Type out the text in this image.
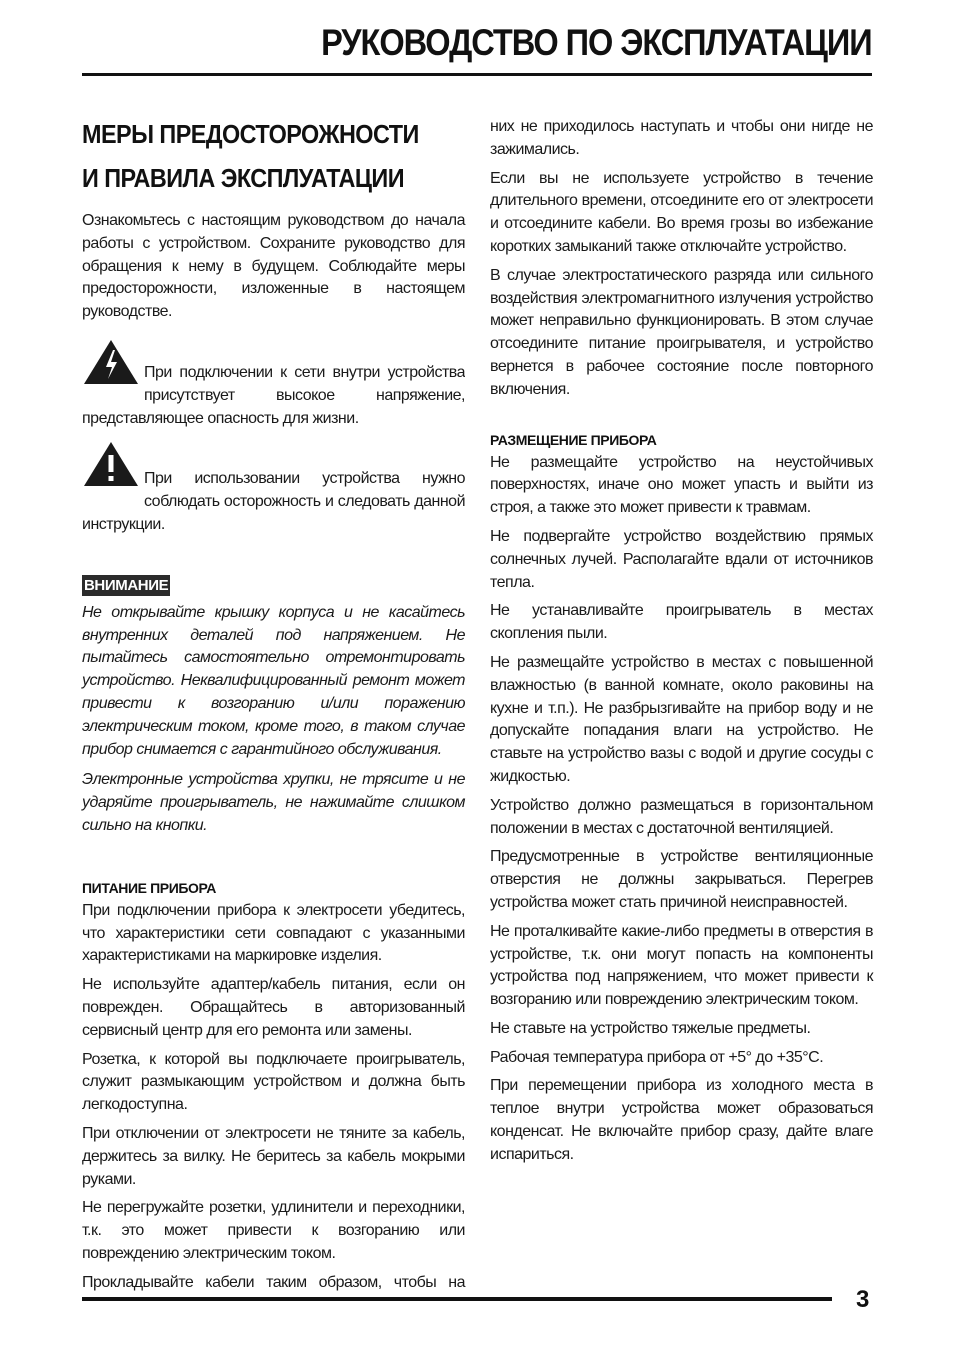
РУКОВОДСТВО ПО ЭКСПЛУАТАЦИИ
МЕРЫ ПРЕДОСТОРОЖНОСТИ
И ПРАВИЛА ЭКСПЛУАТАЦИИ

Ознакомьтесь с настоящим руководством до начала работы с устройством. Сохраните руководство для обращения к нему в будущем. Соблюдайте меры предосторожности, изложенные в настоящем руководстве.

При подключении к сети внутри устройства присутствует высокое напряжение, представляющее опасность для жизни.

При использовании устройства нужно соблюдать осторожность и следовать данной инструкции.

ВНИМАНИЕ

Не открывайте крышку корпуса и не касайтесь внутренних деталей под напряжением. Не пытайтесь самостоятельно отремонтировать устройство. Неквалифицированный ремонт может привести к возгоранию и/или поражению электрическим током, кроме того, в таком случае прибор снимается с гарантийного обслуживания.

Электронные устройства хрупки, не трясите и не ударяйте проигрыватель, не нажимайте слишком сильно на кнопки.

ПИТАНИЕ ПРИБОРА

При подключении прибора к электросети убедитесь, что характеристики сети совпадают с указанными характеристиками на маркировке изделия.

Не используйте адаптер/кабель питания, если он поврежден. Обращайтесь в авторизованный сервисный центр для его ремонта или замены.

Розетка, к которой вы подключаете проигрыватель, служит размыкающим устройством и должна быть легкодоступна.

При отключении от электросети не тяните за кабель, держитесь за вилку. Не беритесь за кабель мокрыми руками.

Не перегружайте розетки, удлинители и переходники, т.к. это может привести к возгоранию или повреждению электрическим током.

Прокладывайте кабели таким образом, чтобы на

них не приходилось наступать и чтобы они нигде не зажимались.

Если вы не используете устройство в течение длительного времени, отсоедините его от электросети и отсоедините кабели. Во время грозы во избежание коротких замыканий также отключайте устройство.

В случае электростатического разряда или сильного воздействия электромагнитного излучения устройство может неправильно функционировать. В этом случае отсоедините питание проигрывателя, и устройство вернется в рабочее состояние после повторного включения.

РАЗМЕЩЕНИЕ ПРИБОРА

Не размещайте устройство на неустойчивых поверхностях, иначе оно может упасть и выйти из строя, а также это может привести к травмам.

Не подвергайте устройство воздействию прямых солнечных лучей. Располагайте вдали от источников тепла.

Не устанавливайте проигрыватель в местах скопления пыли.

Не размещайте устройство в местах с повышенной влажностью (в ванной комнате, около раковины на кухне и т.п.). Не разбрызгивайте на прибор воду и не допускайте попадания влаги на устройство. Не ставьте на устройство вазы с водой и другие сосуды с жидкостью.

Устройство должно размещаться в горизонтальном положении в местах с достаточной вентиляцией.

Предусмотренные в устройстве вентиляционные отверстия не должны закрываться. Перегрев устройства может стать причиной неисправностей.

Не проталкивайте какие-либо предметы в отверстия в устройстве, т.к. они могут попасть на компоненты устройства под напряжением, что может привести к возгоранию или повреждению электрическим током.

Не ставьте на устройство тяжелые предметы.

Рабочая температура прибора от +5° до +35°C.

При перемещении прибора из холодного места в теплое внутри устройства может образоваться конденсат. Не включайте прибор сразу, дайте влаге испариться.

3
